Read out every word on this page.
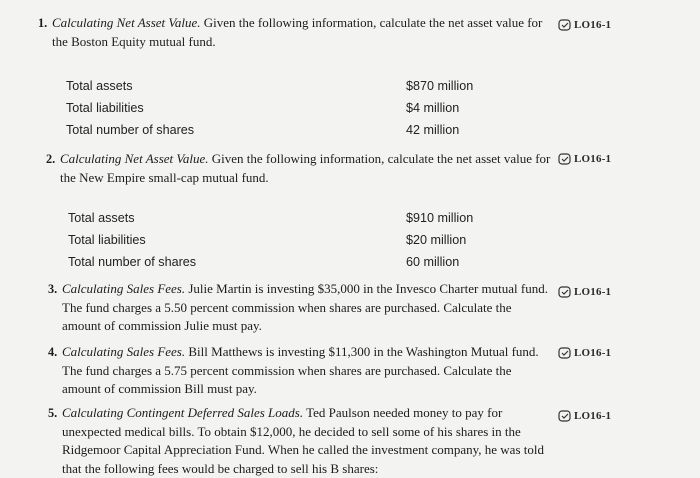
1. Calculating Net Asset Value. Given the following information, calculate the net asset value for
the Boston Equity mutual fund.
LO16-1
Total assets	$870 million
Total liabilities	$4 million
Total number of shares	42 million
2. Calculating Net Asset Value. Given the following information, calculate the net asset value for
the New Empire small-cap mutual fund.
LO16-1
Total assets	$910 million
Total liabilities	$20 million
Total number of shares	60 million
3. Calculating Sales Fees. Julie Martin is investing $35,000 in the Invesco Charter mutual fund.
The fund charges a 5.50 percent commission when shares are purchased. Calculate the
amount of commission Julie must pay.
LO16-1
4. Calculating Sales Fees. Bill Matthews is investing $11,300 in the Washington Mutual fund.
The fund charges a 5.75 percent commission when shares are purchased. Calculate the
amount of commission Bill must pay.
LO16-1
5. Calculating Contingent Deferred Sales Loads. Ted Paulson needed money to pay for
unexpected medical bills. To obtain $12,000, he decided to sell some of his shares in the
Ridgemoor Capital Appreciation Fund. When he called the investment company, he was told
that the following fees would be charged to sell his B shares:
LO16-1
